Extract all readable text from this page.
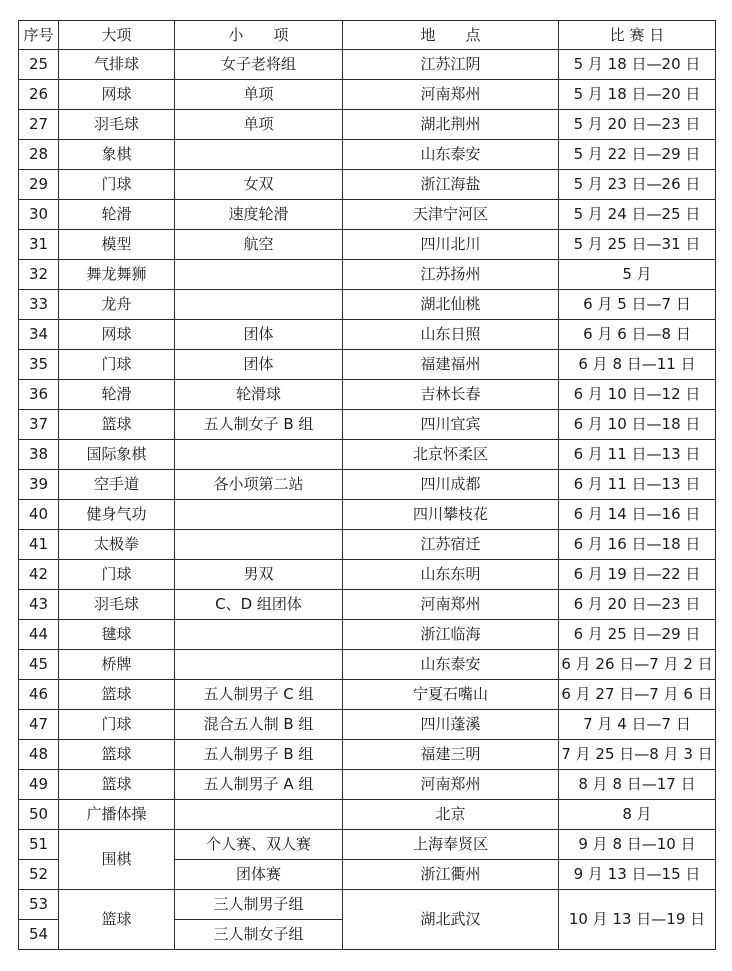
序号	大项	小　　项	地　　点	比 赛 日
25	气排球	女子老将组	江苏江阴	5 月 18 日—20 日
26	网球	单项	河南郑州	5 月 18 日—20 日
27	羽毛球	单项	湖北荆州	5 月 20 日—23 日
28	象棋		山东泰安	5 月 22 日—29 日
29	门球	女双	浙江海盐	5 月 23 日—26 日
30	轮滑	速度轮滑	天津宁河区	5 月 24 日—25 日
31	模型	航空	四川北川	5 月 25 日—31 日
32	舞龙舞狮		江苏扬州	5 月
33	龙舟		湖北仙桃	6 月 5 日—7 日
34	网球	团体	山东日照	6 月 6 日—8 日
35	门球	团体	福建福州	6 月 8 日—11 日
36	轮滑	轮滑球	吉林长春	6 月 10 日—12 日
37	篮球	五人制女子 B 组	四川宜宾	6 月 10 日—18 日
38	国际象棋		北京怀柔区	6 月 11 日—13 日
39	空手道	各小项第二站	四川成都	6 月 11 日—13 日
40	健身气功		四川攀枝花	6 月 14 日—16 日
41	太极拳		江苏宿迁	6 月 16 日—18 日
42	门球	男双	山东东明	6 月 19 日—22 日
43	羽毛球	C、D 组团体	河南郑州	6 月 20 日—23 日
44	毽球		浙江临海	6 月 25 日—29 日
45	桥牌		山东泰安	6 月 26 日—7 月 2 日
46	篮球	五人制男子 C 组	宁夏石嘴山	6 月 27 日—7 月 6 日
47	门球	混合五人制 B 组	四川蓬溪	7 月 4 日—7 日
48	篮球	五人制男子 B 组	福建三明	7 月 25 日—8 月 3 日
49	篮球	五人制男子 A 组	河南郑州	8 月 8 日—17 日
50	广播体操		北京	8 月
51	围棋	个人赛、双人赛	上海奉贤区	9 月 8 日—10 日
52		团体赛	浙江衢州	9 月 13 日—15 日
53	篮球	三人制男子组	湖北武汉	10 月 13 日—19 日
54		三人制女子组		
